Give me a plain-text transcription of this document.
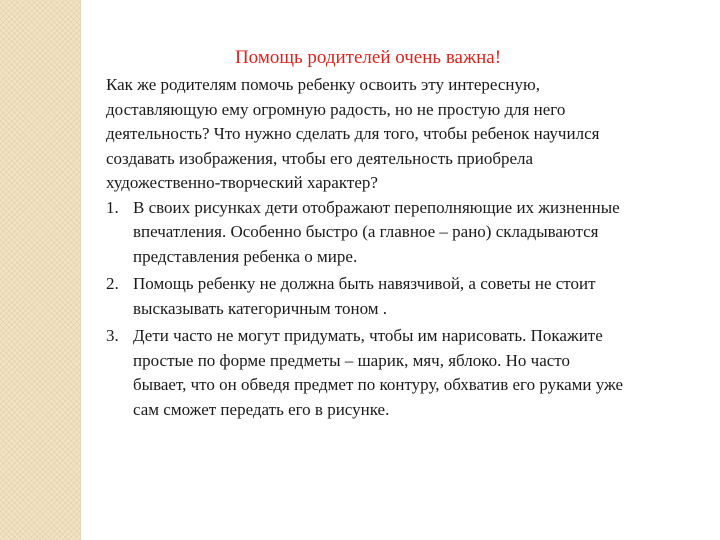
Помощь родителей очень важна!

Как же родителям помочь ребенку освоить эту интересную, доставляющую ему огромную радость, но не простую для него деятельность? Что нужно сделать для того, чтобы ребенок научился создавать изображения, чтобы его деятельность приобрела художественно-творческий характер?

1. В своих рисунках дети отображают переполняющие их жизненные впечатления. Особенно быстро (а главное – рано) складываются представления ребенка о мире.
2. Помощь ребенку не должна быть навязчивой, а советы не стоит высказывать категоричным тоном .
3. Дети часто не могут придумать, чтобы им нарисовать. Покажите простые по форме предметы – шарик, мяч, яблоко. Но часто бывает, что он обведя предмет по контуру, обхватив его руками уже сам сможет передать его в рисунке.
